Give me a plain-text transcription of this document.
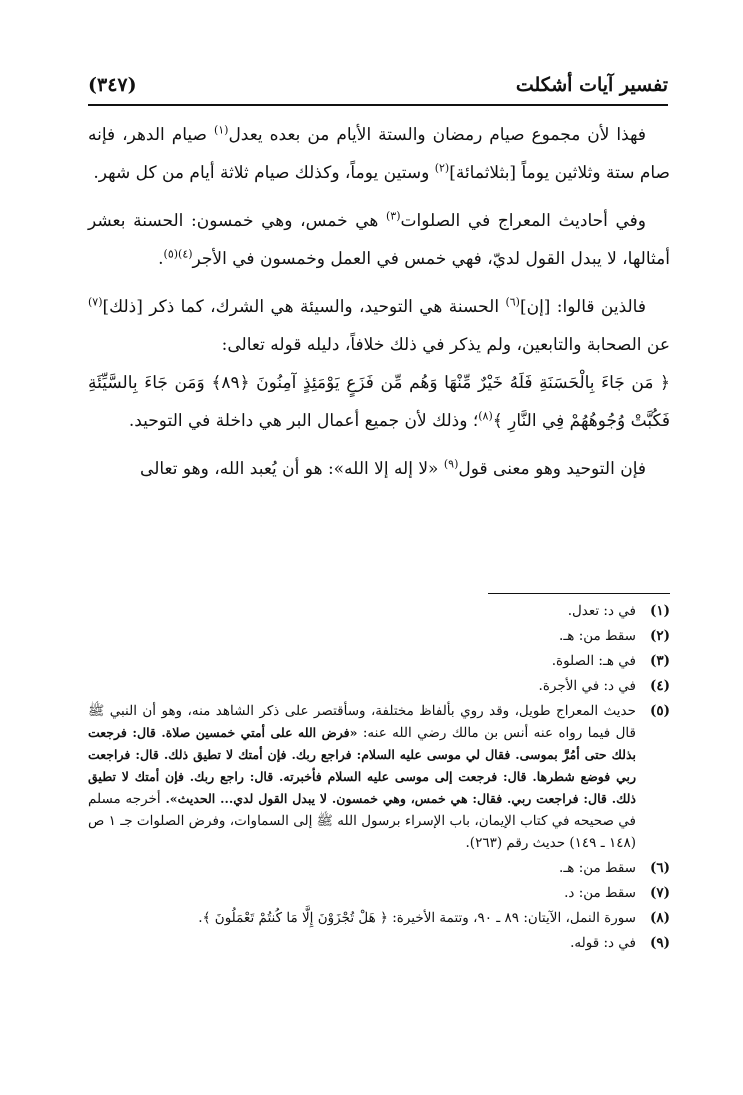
تفسير آيات أشكلت
(٣٤٧)

فهذا لأن مجموع صيام رمضان والستة الأيام من بعده يعدل$^{(١)}$ صيام الدهر، فإنه صام ستة وثلاثين يوماً [بثلاثمائة]$^{(٢)}$ وستين يوماً، وكذلك صيام ثلاثة أيام من كل شهر.

وفي أحاديث المعراج في الصلوات$^{(٣)}$ هي خمس، وهي خمسون: الحسنة بعشر أمثالها، لا يبدل القول لديّ، فهي خمس في العمل وخمسون في الأجر$^{(٤)(٥)}$.

فالذين قالوا: [إن]$^{(٦)}$ الحسنة هي التوحيد، والسيئة هي الشرك، كما ذكر [ذلك]$^{(٧)}$ عن الصحابة والتابعين، ولم يذكر في ذلك خلافاً، دليله قوله تعالى:

﴿ مَن جَاءَ بِالْحَسَنَةِ فَلَهُ خَيْرٌ مِّنْهَا وَهُم مِّن فَزَعٍ يَوْمَئِذٍ آمِنُونَ ﴿٨٩﴾ وَمَن جَاءَ بِالسَّيِّئَةِ فَكُبَّتْ وُجُوهُهُمْ فِي النَّارِ ﴾$^{(٨)}$؛ وذلك لأن جميع أعمال البر هي داخلة في التوحيد.

فإن التوحيد وهو معنى قول$^{(٩)}$ «لا إله إلا الله»: هو أن يُعبد الله، وهو تعالى

(١)
في د: تعدل.
(٢)
سقط من: هـ.
(٣)
في هـ: الصلوة.
(٤)
في د: في الأجرة.
(٥)
حديث المعراج طويل، وقد روي بألفاظ مختلفة، وسأقتصر على ذكر الشاهد منه، وهو أن النبي ﷺ قال فيما رواه عنه أنس بن مالك رضي الله عنه: «فرض الله على أمتي خمسين صلاة. قال: فرجعت بذلك حتى أمُرَّ بموسى. فقال لي موسى عليه السلام: فراجع ربك. فإن أمتك لا تطيق ذلك. قال: فراجعت ربي فوضع شطرها. قال: فرجعت إلى موسى عليه السلام فأخبرته. قال: راجع ربك. فإن أمتك لا تطيق ذلك. قال: فراجعت ربي. فقال: هي خمس، وهي خمسون. لا يبدل القول لدي... الحديث». أخرجه مسلم في صحيحه في كتاب الإيمان، باب الإسراء برسول الله ﷺ إلى السماوات، وفرض الصلوات جـ ١ ص (١٤٨ ـ ١٤٩) حديث رقم (٢٦٣).
(٦)
سقط من: هـ.
(٧)
سقط من: د.
(٨)
سورة النمل، الآيتان: ٨٩ ـ ٩٠، وتتمة الأخيرة: ﴿ هَلْ تُجْزَوْنَ إِلَّا مَا كُنتُمْ تَعْمَلُونَ ﴾.
(٩)
في د: قوله.
